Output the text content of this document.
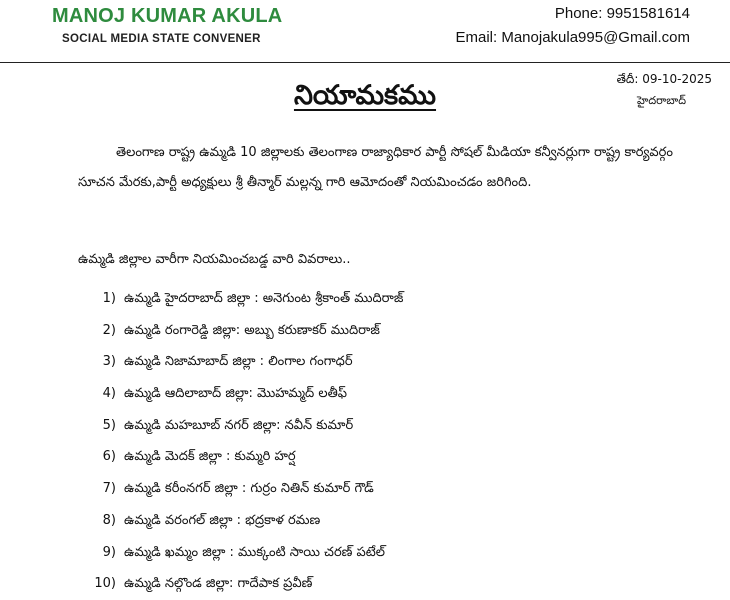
MANOJ KUMAR AKULA
SOCIAL MEDIA STATE CONVENER
Phone: 9951581614
Email: Manojakula995@Gmail.com
తేదీ: 09-10-2025
హైదరాబాద్
నియామకము
తెలంగాణ రాష్ట్ర ఉమ్మడి 10 జిల్లాలకు తెలంగాణ రాజ్యాధికార పార్టీ సోషల్ మీడియా కన్వీనర్లుగా రాష్ట్ర కార్యవర్గం సూచన మేరకు,పార్టీ అధ్యక్షులు శ్రీ తీన్మార్ మల్లన్న గారి ఆమోదంతో నియమించడం జరిగింది.
ఉమ్మడి జిల్లాల వారీగా నియమించబడ్డ వారి వివరాలు..
1) ఉమ్మడి హైదరాబాద్ జిల్లా : అనెగుంట శ్రీకాంత్ ముదిరాజ్
2) ఉమ్మడి రంగారెడ్డి జిల్లా: అబ్బు కరుణాకర్ ముదిరాజ్
3) ఉమ్మడి నిజామాబాద్ జిల్లా : లింగాల గంగాధర్
4) ఉమ్మడి ఆదిలాబాద్ జిల్లా: మొహమ్మద్ లతీఫ్
5) ఉమ్మడి మహబూబ్ నగర్ జిల్లా: నవీన్ కుమార్
6) ఉమ్మడి మెదక్ జిల్లా : కుమ్మరి హర్ష
7) ఉమ్మడి కరీంనగర్ జిల్లా : గుర్రం నితిన్ కుమార్ గౌడ్
8) ఉమ్మడి వరంగల్ జిల్లా : భద్రకాళ రమణ
9) ఉమ్మడి ఖమ్మం జిల్లా : ముక్కంటి సాయి చరణ్ పటేల్
10) ఉమ్మడి నల్గొండ జిల్లా: గాదేపాక ప్రవీణ్
